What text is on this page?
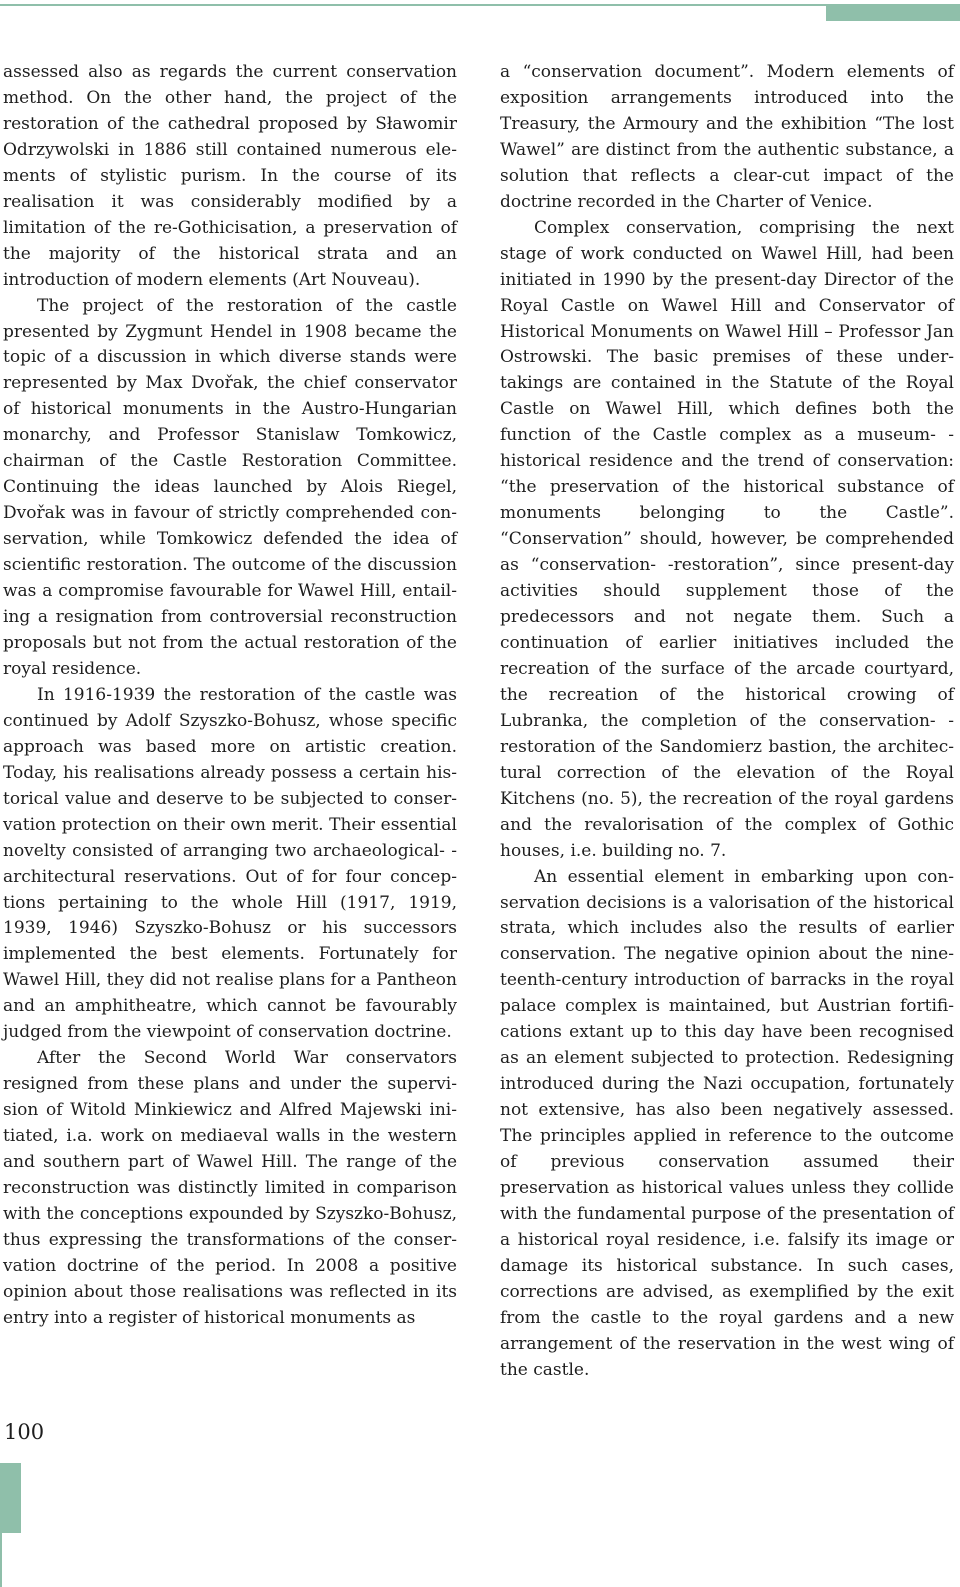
assessed also as regards the current conservation method. On the other hand, the project of the restoration of the cathedral proposed by Sławomir Odrzywolski in 1886 still contained numerous elements of stylistic purism. In the course of its realisation it was considerably modified by a limitation of the re-Gothicisation, a preservation of the majority of the historical strata and an introduction of modern elements (Art Nouveau).

The project of the restoration of the castle presented by Zygmunt Hendel in 1908 became the topic of a discussion in which diverse stands were represented by Max Dvořak, the chief conservator of historical monuments in the Austro-Hungarian monarchy, and Professor Stanislaw Tomkowicz, chairman of the Castle Restoration Committee. Continuing the ideas launched by Alois Riegel, Dvořak was in favour of strictly comprehended conservation, while Tomkowicz defended the idea of scientific restoration. The outcome of the discussion was a compromise favourable for Wawel Hill, entailing a resignation from controversial reconstruction proposals but not from the actual restoration of the royal residence.

In 1916-1939 the restoration of the castle was continued by Adolf Szyszko-Bohusz, whose specific approach was based more on artistic creation. Today, his realisations already possess a certain historical value and deserve to be subjected to conservation protection on their own merit. Their essential novelty consisted of arranging two archaeological- -architectural reservations. Out of for four conceptions pertaining to the whole Hill (1917, 1919, 1939, 1946) Szyszko-Bohusz or his successors implemented the best elements. Fortunately for Wawel Hill, they did not realise plans for a Pantheon and an amphitheatre, which cannot be favourably judged from the viewpoint of conservation doctrine.

After the Second World War conservators resigned from these plans and under the supervision of Witold Minkiewicz and Alfred Majewski initiated, i.a. work on mediaeval walls in the western and southern part of Wawel Hill. The range of the reconstruction was distinctly limited in comparison with the conceptions expounded by Szyszko-Bohusz, thus expressing the transformations of the conservation doctrine of the period. In 2008 a positive opinion about those realisations was reflected in its entry into a register of historical monuments as

a “conservation document”. Modern elements of exposition arrangements introduced into the Treasury, the Armoury and the exhibition “The lost Wawel” are distinct from the authentic substance, a solution that reflects a clear-cut impact of the doctrine recorded in the Charter of Venice.

Complex conservation, comprising the next stage of work conducted on Wawel Hill, had been initiated in 1990 by the present-day Director of the Royal Castle on Wawel Hill and Conservator of Historical Monuments on Wawel Hill – Professor Jan Ostrowski. The basic premises of these undertakings are contained in the Statute of the Royal Castle on Wawel Hill, which defines both the function of the Castle complex as a museum- -historical residence and the trend of conservation: “the preservation of the historical substance of monuments belonging to the Castle”. “Conservation” should, however, be comprehended as “conservation- -restoration”, since present-day activities should supplement those of the predecessors and not negate them. Such a continuation of earlier initiatives included the recreation of the surface of the arcade courtyard, the recreation of the historical crowing of Lubranka, the completion of the conservation- -restoration of the Sandomierz bastion, the architectural correction of the elevation of the Royal Kitchens (no. 5), the recreation of the royal gardens and the revalorisation of the complex of Gothic houses, i.e. building no. 7.

An essential element in embarking upon conservation decisions is a valorisation of the historical strata, which includes also the results of earlier conservation. The negative opinion about the nineteenth-century introduction of barracks in the royal palace complex is maintained, but Austrian fortifications extant up to this day have been recognised as an element subjected to protection. Redesigning introduced during the Nazi occupation, fortunately not extensive, has also been negatively assessed. The principles applied in reference to the outcome of previous conservation assumed their preservation as historical values unless they collide with the fundamental purpose of the presentation of a historical royal residence, i.e. falsify its image or damage its historical substance. In such cases, corrections are advised, as exemplified by the exit from the castle to the royal gardens and a new arrangement of the reservation in the west wing of the castle.

100
